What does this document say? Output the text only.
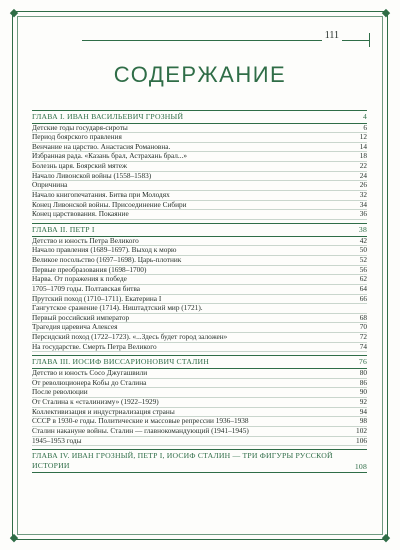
◆	◆
◆	◆
111
СОДЕРЖАНИЕ
ГЛАВА I. ИВАН ВАСИЛЬЕВИЧ ГРОЗНЫЙ	4
Детские годы государя-сироты	6
Период боярского правления	12
Венчание на царство. Анастасия Романовна.	14
Избранная рада. «Казань брал, Астрахань брал...»	18
Болезнь царя. Боярский мятеж	22
Начало Ливонской войны (1558–1583)	24
Опричнина	26
Начало книгопечатания. Битва при Молодях	32
Конец Ливонской войны. Присоединение Сибири	34
Конец царствования. Покаяние	36
ГЛАВА II. ПЕТР I	38
Детство и юность Петра Великого	42
Начало правления (1689–1697). Выход к морю	50
Великое посольство (1697–1698). Царь-плотник	52
Первые преобразования (1698–1700)	56
Нарва. От поражения к победе	62
1705–1709 годы. Полтавская битва	64
Прутский поход (1710–1711). Екатерина I	66
Гангутское сражение (1714). Ништадтский мир (1721).
Первый российский император	68
Трагедия царевича Алексея	70
Персидский поход (1722–1723). «...Здесь будет город заложен»	72
На государстве. Смерть Петра Великого	74
ГЛАВА III. ИОСИФ ВИССАРИОНОВИЧ СТАЛИН	76
Детство и юность Сосо Джугашвили	80
От революционера Кобы до Сталина	86
После революции	90
От Сталина к «сталинизму» (1922–1929)	92
Коллективизация и индустриализация страны	94
СССР в 1930-е годы. Политические и массовые репрессии 1936–1938	98
Сталин накануне войны. Сталин — главнокомандующий (1941–1945)	102
1945–1953 годы	106
ГЛАВА IV. ИВАН ГРОЗНЫЙ, ПЕТР I, ИОСИФ СТАЛИН — ТРИ ФИГУРЫ РУССКОЙ ИСТОРИИ	108
